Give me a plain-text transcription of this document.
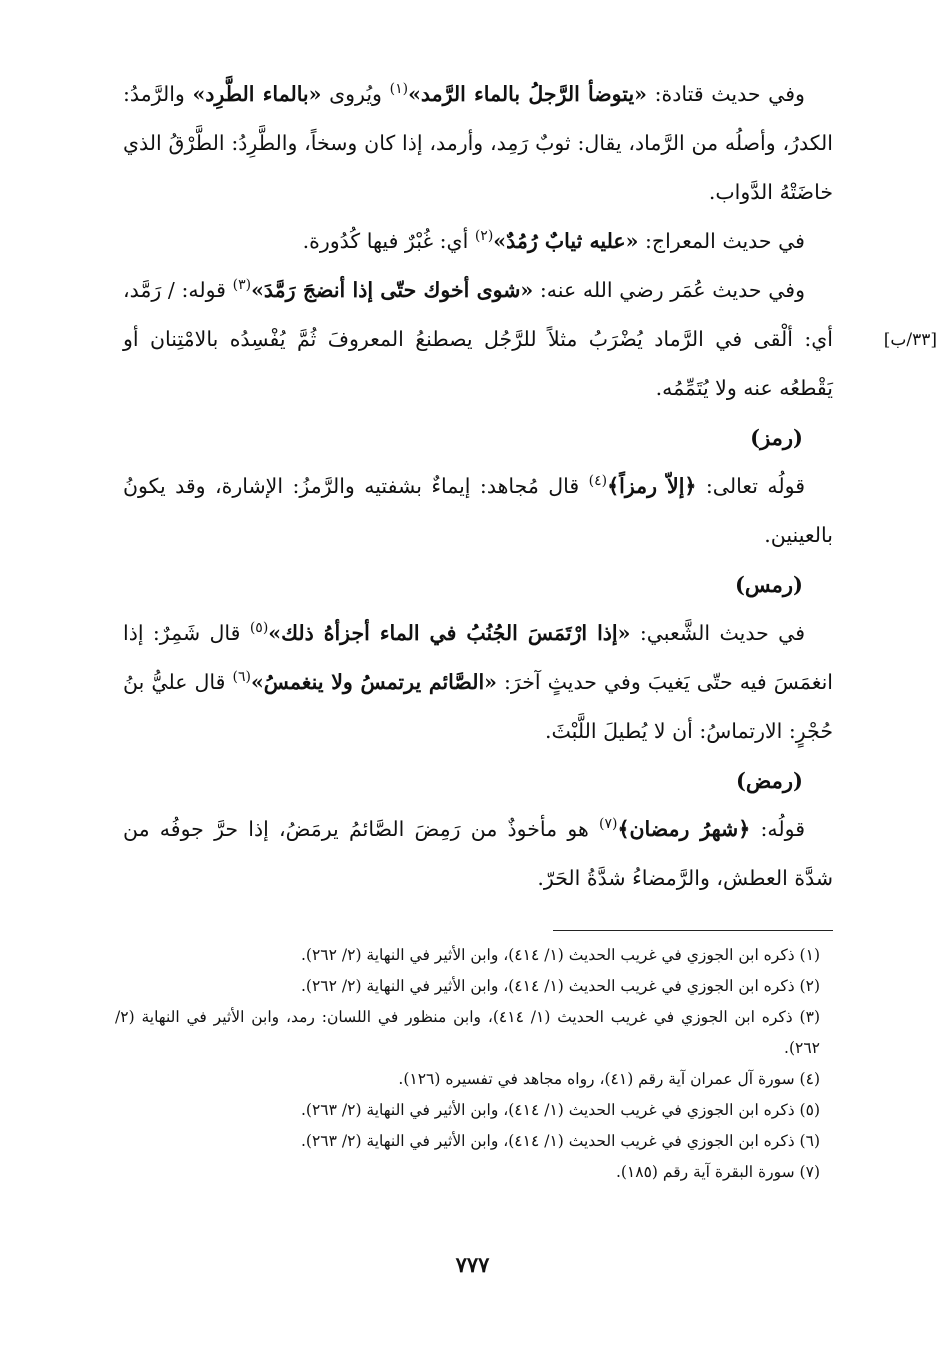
[٣٣/ب]

وفي حديث قتادة: «يتوضأ الرَّجلُ بالماء الرَّمد»$^{(١)}$ ويُروى «بالماء الطَّرِد» والرَّمدُ: الكدرُ، وأصلُه من الرَّماد، يقال: ثوبٌ رَمِد، وأرمد، إذا كان وسخاً، والطَّرِدُ: الطَّرْقُ الذي خاضَتْهُ الدَّواب.

في حديث المعراج: «عليه ثيابٌ رُمُدٌ»$^{(٢)}$ أي: غُبْرٌ فيها كُدُورة.

وفي حديث عُمَر رضي الله عنه: «شوى أخوك حتّى إذا أنضجَ رَمَّدَ»$^{(٣)}$ قوله: / رَمَّد، أي: ألْقى في الرَّماد يُضْرَبُ مثلاً للرَّجُل يصطنعُ المعروفَ ثُمَّ يُفْسِدُه بالامْتِنان أو يَقْطعُه عنه ولا يُتَمِّمُه.

(رمز)

قولُه تعالى: ﴿إلاّ رمزاً﴾$^{(٤)}$ قال مُجاهد: إيماءٌ بشفتيه والرَّمزُ: الإشارة، وقد يكونُ بالعينين.

(رمس)

في حديث الشَّعبي: «إذا ارْتَمَسَ الجُنُبُ في الماء أجزأهُ ذلك»$^{(٥)}$ قال شَمِرٌ: إذا انغمَسَ فيه حتّى يَغيبَ وفي حديثٍ آخرَ: «الصَّائم يرتمسُ ولا ينغمسُ»$^{(٦)}$ قال عليُّ بنُ حُجْرٍ: الارتماسُ: أن لا يُطيلَ اللَّبْثَ.

(رمض)

قولُه: ﴿شهرُ رمضان﴾$^{(٧)}$ هو مأخوذٌ من رَمِضَ الصَّائمُ يرمَضُ، إذا حرَّ جوفُه من شدَّة العطش، والرَّمضاءُ شدَّةُ الحَرّ.

(١) ذكره ابن الجوزي في غريب الحديث (١/ ٤١٤)، وابن الأثير في النهاية (٢/ ٢٦٢).

(٢) ذكره ابن الجوزي في غريب الحديث (١/ ٤١٤)، وابن الأثير في النهاية (٢/ ٢٦٢).

(٣) ذكره ابن الجوزي في غريب الحديث (١/ ٤١٤)، وابن منظور في اللسان: رمد، وابن الأثير في النهاية (٢/ ٢٦٢).

(٤) سورة آل عمران آية رقم (٤١)، رواه مجاهد في تفسيره (١٢٦).

(٥) ذكره ابن الجوزي في غريب الحديث (١/ ٤١٤)، وابن الأثير في النهاية (٢/ ٢٦٣).

(٦) ذكره ابن الجوزي في غريب الحديث (١/ ٤١٤)، وابن الأثير في النهاية (٢/ ٢٦٣).

(٧) سورة البقرة آية رقم (١٨٥).

٧٧٧
